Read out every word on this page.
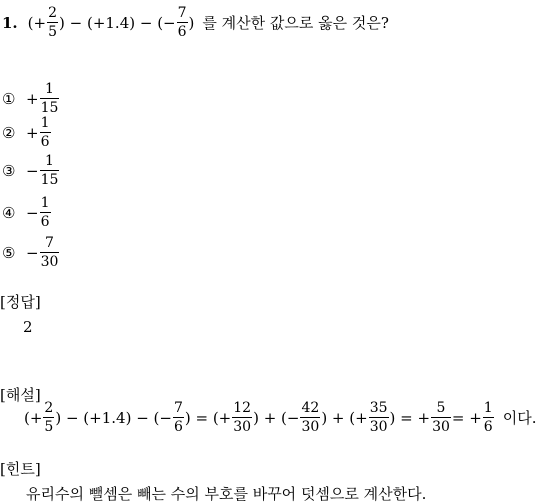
1. (+ $\frac{2}{5}$ ) − (+1.4) − (− $\frac{7}{6}$ ) 를 계산한 값으로 옳은 것은?
① + $\frac{1}{15}$
② + $\frac{1}{6}$
③ − $\frac{1}{15}$
④ − $\frac{1}{6}$
⑤ − $\frac{7}{30}$
[정답]
2
[해설]
(+ $\frac{2}{5}$ ) − (+1.4) − (− $\frac{7}{6}$ ) = (+ $\frac{12}{30}$ ) + (− $\frac{42}{30}$ ) + (+ $\frac{35}{30}$ ) = + $\frac{5}{30}$ = + $\frac{1}{6}$ 이다.
[힌트]
유리수의 뺄셈은 빼는 수의 부호를 바꾸어 덧셈으로 계산한다.
